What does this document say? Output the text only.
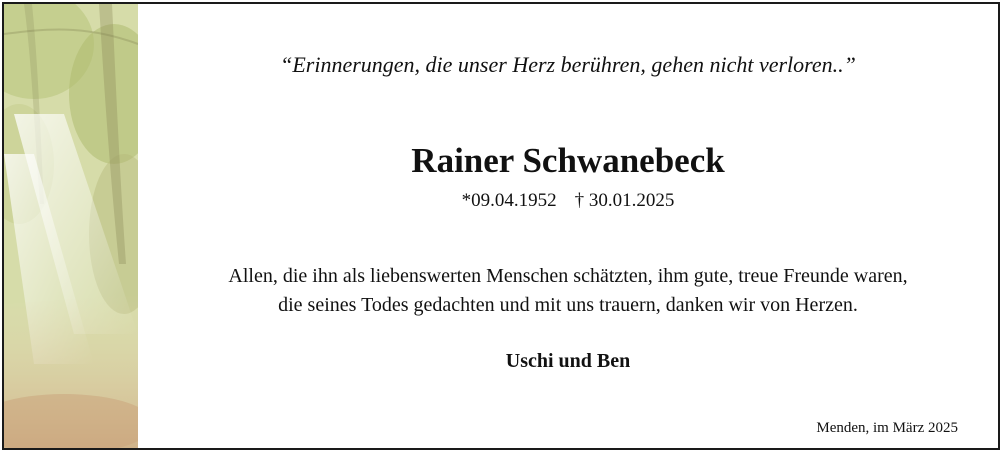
“Erinnerungen, die unser Herz berühren, gehen nicht verloren..”
Rainer Schwanebeck
*09.04.1952 † 30.01.2025
Allen, die ihn als liebenswerten Menschen schätzten, ihm gute, treue Freunde waren,
die seines Todes gedachten und mit uns trauern, danken wir von Herzen.
Uschi und Ben
Menden, im März 2025
